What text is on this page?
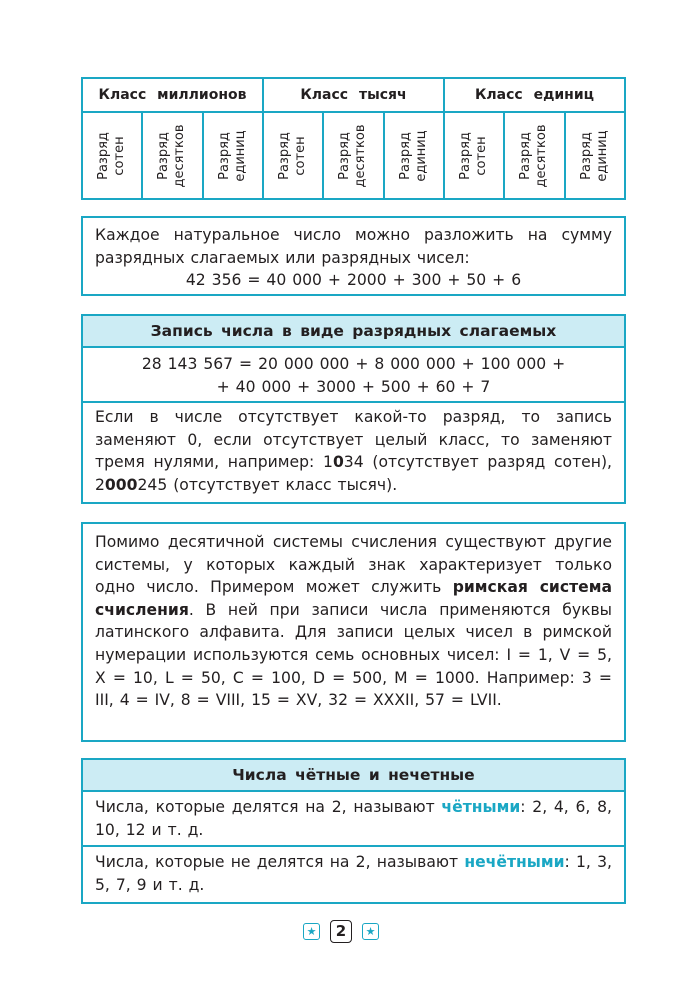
Класс миллионов
Разряд
сотен Разряд
десятков Разряд
единиц
Класс тысяч
Разряд
сотен Разряд
десятков Разряд
единиц
Класс единиц
Разряд
сотен Разряд
десятков Разряд
единиц
Каждое натуральное число можно разложить на сумму разрядных слагаемых или разрядных чисел:
42 356 = 40 000 + 2000 + 300 + 50 + 6
Запись числа в виде разрядных слагаемых
28 143 567 = 20 000 000 + 8 000 000 + 100 000 +
+ 40 000 + 3000 + 500 + 60 + 7
Если в числе отсутствует какой-то разряд, то запись заменяют 0, если отсутствует целый класс, то заменяют тремя нулями, например: 1034 (отсутствует разряд сотен), 2000245 (отсутствует класс тысяч).
Помимо десятичной системы счисления существуют другие системы, у которых каждый знак характеризует только одно число. Примером может служить римская система счисления. В ней при записи числа применяются буквы латинского алфавита. Для записи целых чисел в римской нумерации используются семь основных чисел: I = 1, V = 5, X = 10, L = 50, C = 100, D = 500, M = 1000. Например: 3 = III, 4 = IV, 8 = VIII, 15 = XV, 32 = XXXII, 57 = LVII.
Числа чётные и нечетные
Числа, которые делятся на 2, называют чётными: 2, 4, 6, 8, 10, 12 и т. д.
Числа, которые не делятся на 2, называют нечётными: 1, 3, 5, 7, 9 и т. д.
★	2	★
